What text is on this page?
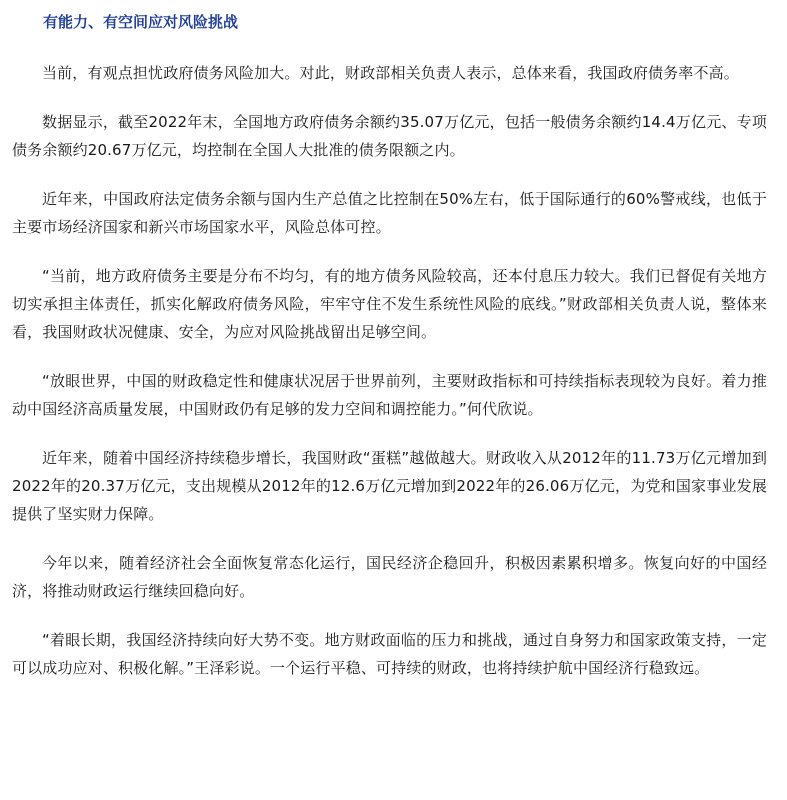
有能力、有空间应对风险挑战

当前，有观点担忧政府债务风险加大。对此，财政部相关负责人表示，总体来看，我国政府债务率不高。

数据显示，截至2022年末，全国地方政府债务余额约35.07万亿元，包括一般债务余额约14.4万亿元、专项债务余额约20.67万亿元，均控制在全国人大批准的债务限额之内。

近年来，中国政府法定债务余额与国内生产总值之比控制在50%左右，低于国际通行的60%警戒线，也低于主要市场经济国家和新兴市场国家水平，风险总体可控。

“当前，地方政府债务主要是分布不均匀，有的地方债务风险较高，还本付息压力较大。我们已督促有关地方切实承担主体责任，抓实化解政府债务风险，牢牢守住不发生系统性风险的底线。”财政部相关负责人说，整体来看，我国财政状况健康、安全，为应对风险挑战留出足够空间。

“放眼世界，中国的财政稳定性和健康状况居于世界前列，主要财政指标和可持续指标表现较为良好。着力推动中国经济高质量发展，中国财政仍有足够的发力空间和调控能力。”何代欣说。

近年来，随着中国经济持续稳步增长，我国财政“蛋糕”越做越大。财政收入从2012年的11.73万亿元增加到2022年的20.37万亿元，支出规模从2012年的12.6万亿元增加到2022年的26.06万亿元，为党和国家事业发展提供了坚实财力保障。

今年以来，随着经济社会全面恢复常态化运行，国民经济企稳回升，积极因素累积增多。恢复向好的中国经济，将推动财政运行继续回稳向好。

“着眼长期，我国经济持续向好大势不变。地方财政面临的压力和挑战，通过自身努力和国家政策支持，一定可以成功应对、积极化解。”王泽彩说。一个运行平稳、可持续的财政，也将持续护航中国经济行稳致远。
